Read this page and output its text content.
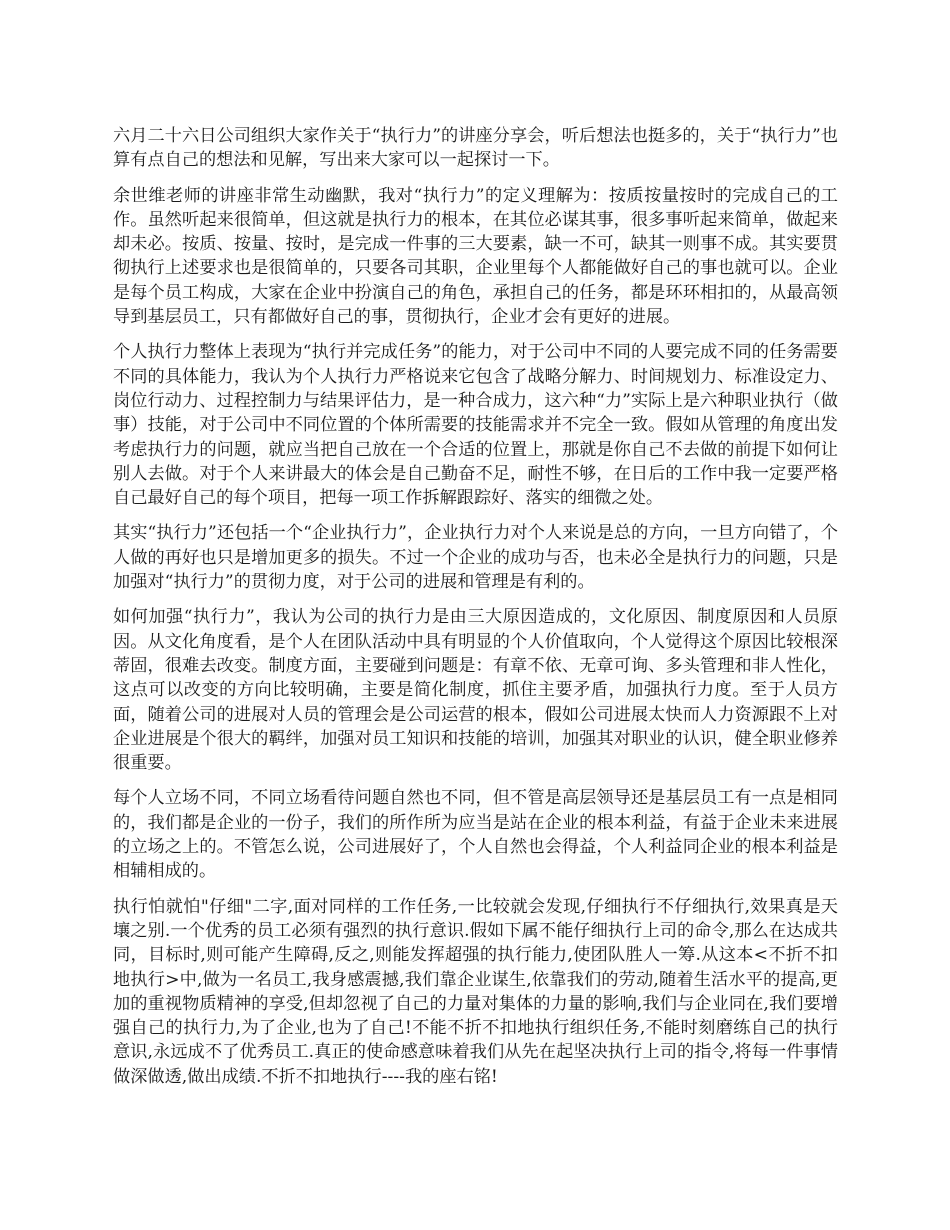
六月二十六日公司组织大家作关于“执行力”的讲座分享会，听后想法也挺多的，关于“执行力”也算有点自己的想法和见解，写出来大家可以一起探讨一下。

余世维老师的讲座非常生动幽默，我对“执行力”的定义理解为：按质按量按时的完成自己的工作。虽然听起来很简单，但这就是执行力的根本，在其位必谋其事，很多事听起来简单，做起来却未必。按质、按量、按时，是完成一件事的三大要素，缺一不可，缺其一则事不成。其实要贯彻执行上述要求也是很简单的，只要各司其职，企业里每个人都能做好自己的事也就可以。企业是每个员工构成，大家在企业中扮演自己的角色，承担自己的任务，都是环环相扣的，从最高领导到基层员工，只有都做好自己的事，贯彻执行，企业才会有更好的进展。

个人执行力整体上表现为“执行并完成任务”的能力，对于公司中不同的人要完成不同的任务需要不同的具体能力，我认为个人执行力严格说来它包含了战略分解力、时间规划力、标准设定力、岗位行动力、过程控制力与结果评估力，是一种合成力，这六种“力”实际上是六种职业执行（做事）技能，对于公司中不同位置的个体所需要的技能需求并不完全一致。假如从管理的角度出发考虑执行力的问题，就应当把自己放在一个合适的位置上，那就是你自己不去做的前提下如何让别人去做。对于个人来讲最大的体会是自己勤奋不足，耐性不够，在日后的工作中我一定要严格自己最好自己的每个项目，把每一项工作拆解跟踪好、落实的细微之处。

其实“执行力”还包括一个“企业执行力”，企业执行力对个人来说是总的方向，一旦方向错了，个人做的再好也只是增加更多的损失。不过一个企业的成功与否，也未必全是执行力的问题，只是加强对“执行力”的贯彻力度，对于公司的进展和管理是有利的。

如何加强“执行力”，我认为公司的执行力是由三大原因造成的，文化原因、制度原因和人员原因。从文化角度看，是个人在团队活动中具有明显的个人价值取向，个人觉得这个原因比较根深蒂固，很难去改变。制度方面，主要碰到问题是：有章不依、无章可询、多头管理和非人性化，这点可以改变的方向比较明确，主要是简化制度，抓住主要矛盾，加强执行力度。至于人员方面，随着公司的进展对人员的管理会是公司运营的根本，假如公司进展太快而人力资源跟不上对企业进展是个很大的羁绊，加强对员工知识和技能的培训，加强其对职业的认识，健全职业修养很重要。

每个人立场不同，不同立场看待问题自然也不同，但不管是高层领导还是基层员工有一点是相同的，我们都是企业的一份子，我们的所作所为应当是站在企业的根本利益，有益于企业未来进展的立场之上的。不管怎么说，公司进展好了，个人自然也会得益，个人利益同企业的根本利益是相辅相成的。

执行怕就怕"仔细"二字,面对同样的工作任务,一比较就会发现,仔细执行不仔细执行,效果真是天壤之别.一个优秀的员工必须有强烈的执行意识.假如下属不能仔细执行上司的命令,那么在达成共同，目标时,则可能产生障碍,反之,则能发挥超强的执行能力,使团队胜人一筹.从这本<不折不扣地执行>中,做为一名员工,我身感震撼,我们靠企业谋生,依靠我们的劳动,随着生活水平的提高,更加的重视物质精神的享受,但却忽视了自己的力量对集体的力量的影响,我们与企业同在,我们要增强自己的执行力,为了企业,也为了自己!不能不折不扣地执行组织任务,不能时刻磨练自己的执行意识,永远成不了优秀员工.真正的使命感意味着我们从先在起坚决执行上司的指令,将每一件事情做深做透,做出成绩.不折不扣地执行----我的座右铭!
